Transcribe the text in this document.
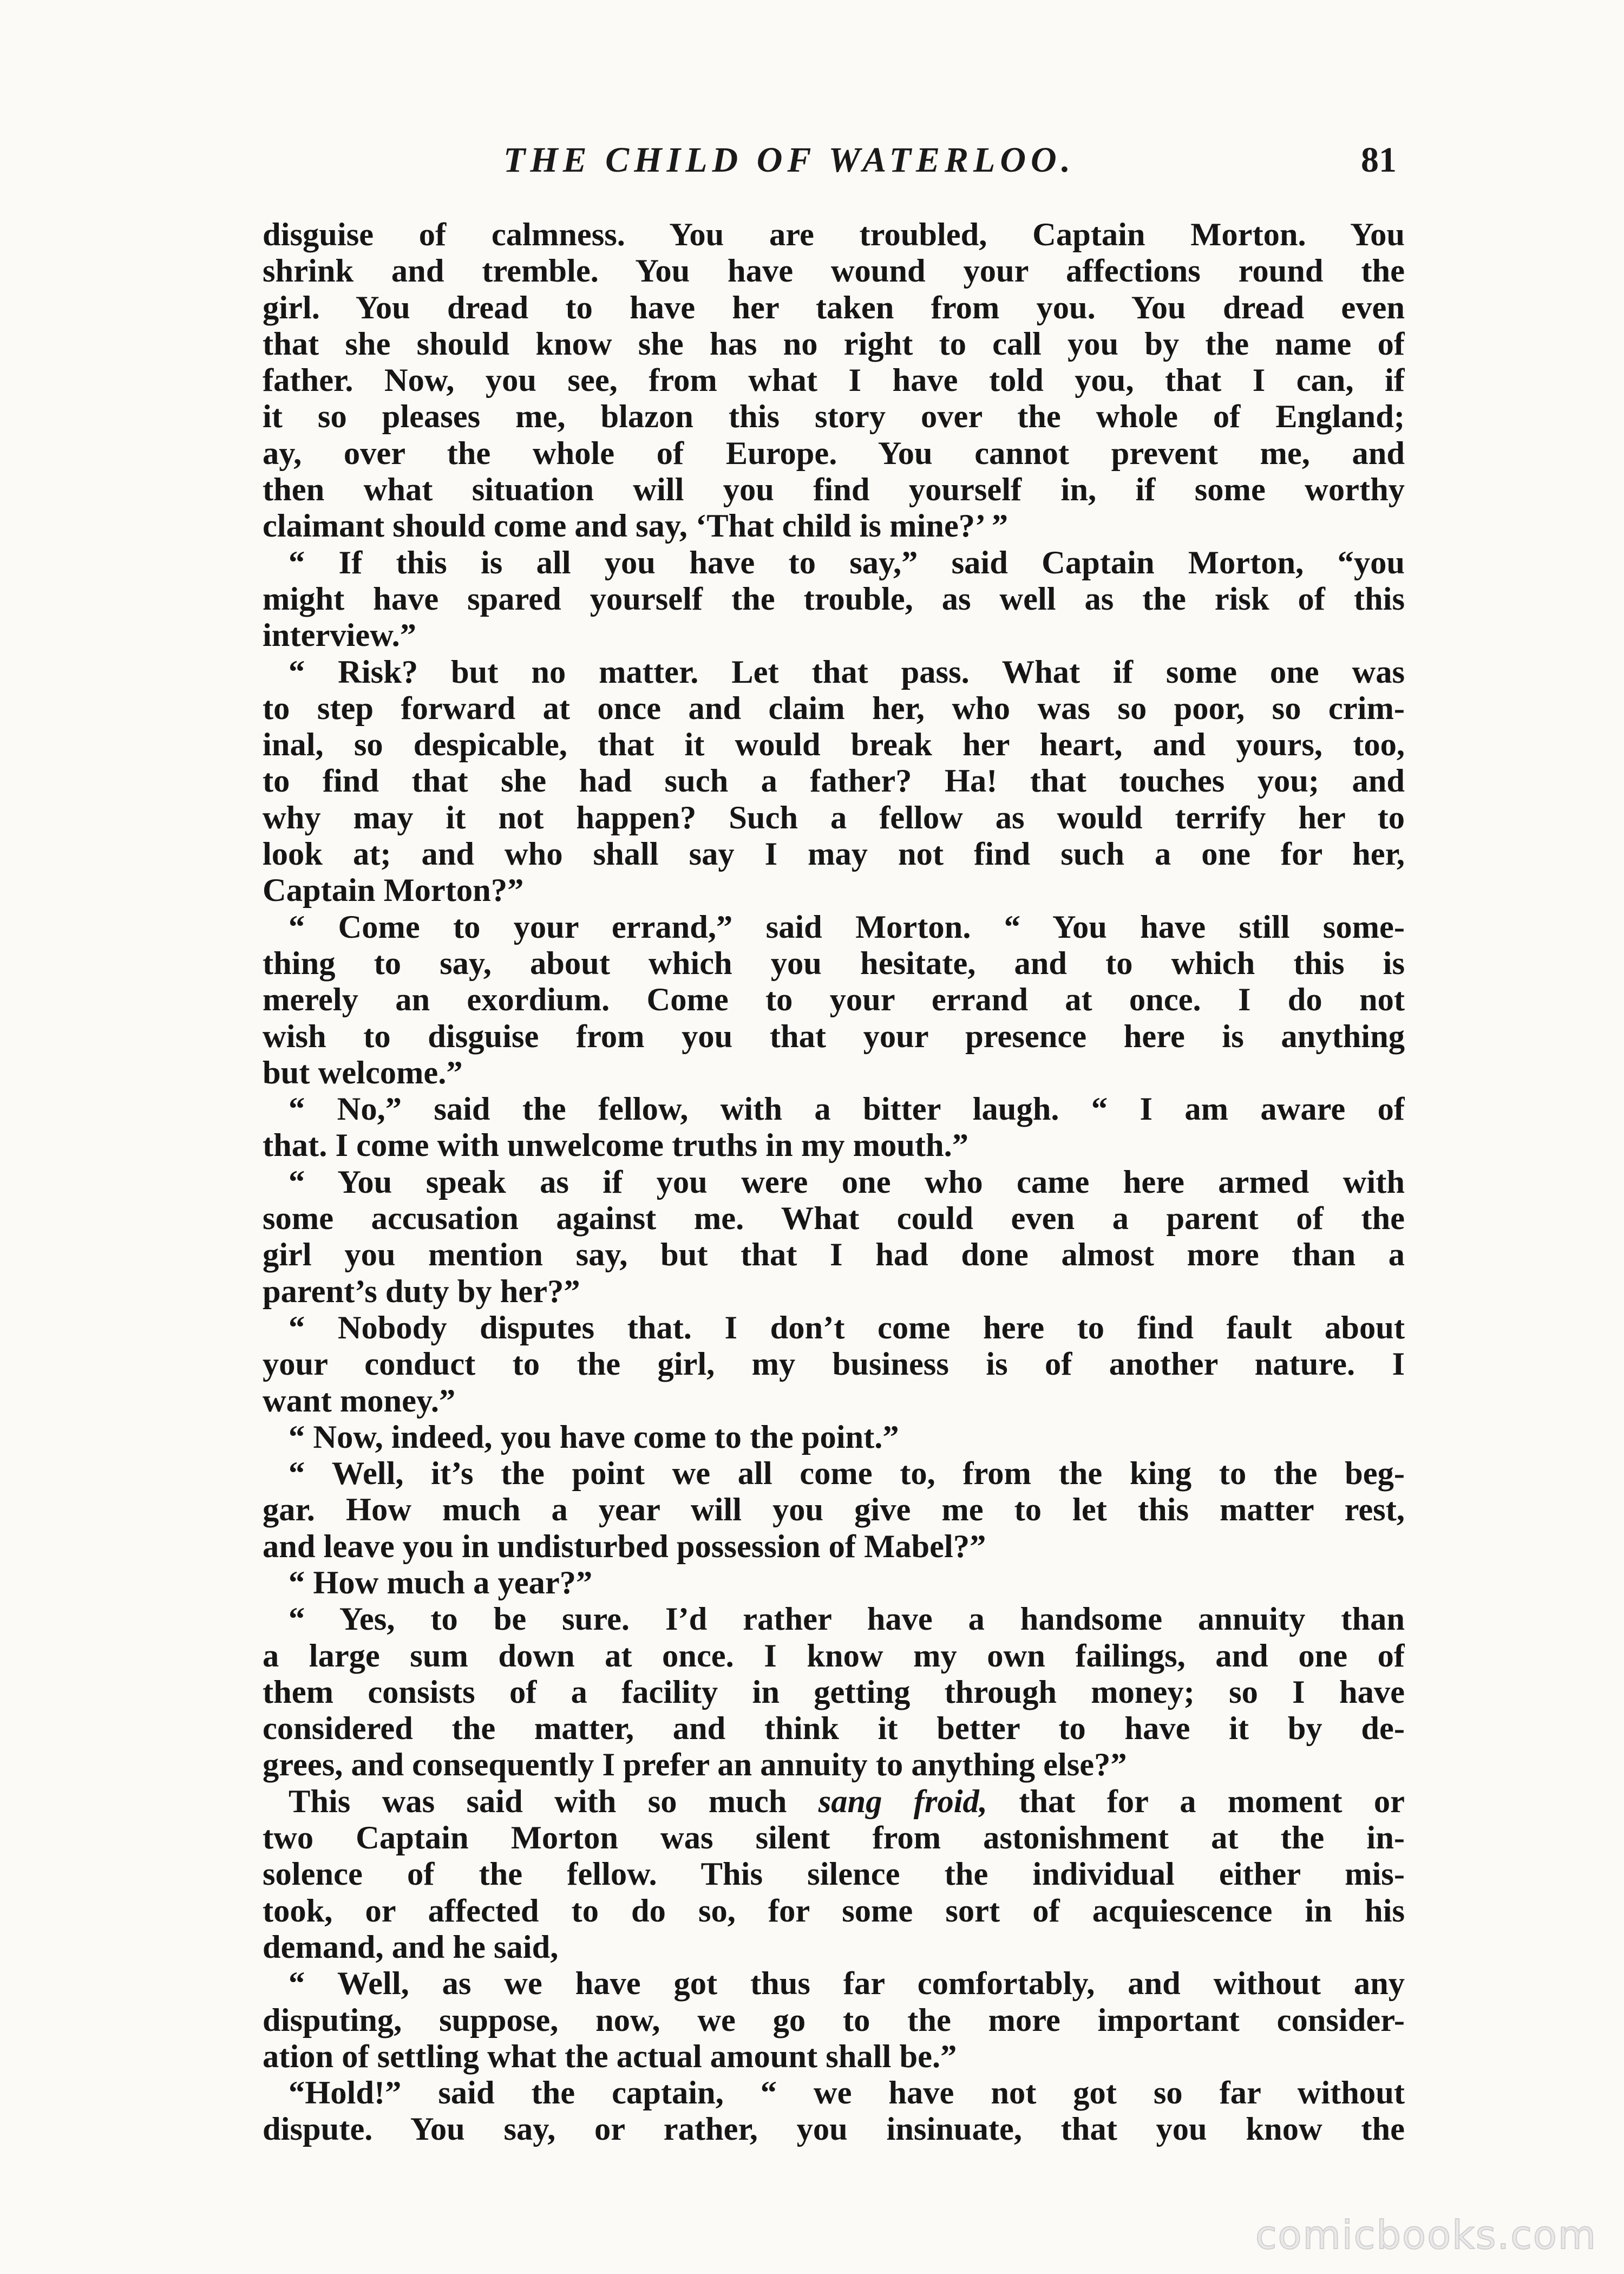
THE CHILD OF WATERLOO.	81
disguise of calmness. You are troubled, Captain Morton. You
shrink and tremble. You have wound your affections round the
girl. You dread to have her taken from you. You dread even
that she should know she has no right to call you by the name of
father. Now, you see, from what I have told you, that I can, if
it so pleases me, blazon this story over the whole of England;
ay, over the whole of Europe. You cannot prevent me, and
then what situation will you find yourself in, if some worthy
claimant should come and say, ‘That child is mine?’ ”
“ If this is all you have to say,” said Captain Morton, “you
might have spared yourself the trouble, as well as the risk of this
interview.”
“ Risk? but no matter. Let that pass. What if some one was
to step forward at once and claim her, who was so poor, so crim-
inal, so despicable, that it would break her heart, and yours, too,
to find that she had such a father? Ha! that touches you; and
why may it not happen? Such a fellow as would terrify her to
look at; and who shall say I may not find such a one for her,
Captain Morton?”
“ Come to your errand,” said Morton. “ You have still some-
thing to say, about which you hesitate, and to which this is
merely an exordium. Come to your errand at once. I do not
wish to disguise from you that your presence here is anything
but welcome.”
“ No,” said the fellow, with a bitter laugh. “ I am aware of
that. I come with unwelcome truths in my mouth.”
“ You speak as if you were one who came here armed with
some accusation against me. What could even a parent of the
girl you mention say, but that I had done almost more than a
parent’s duty by her?”
“ Nobody disputes that. I don’t come here to find fault about
your conduct to the girl, my business is of another nature. I
want money.”
“ Now, indeed, you have come to the point.”
“ Well, it’s the point we all come to, from the king to the beg-
gar. How much a year will you give me to let this matter rest,
and leave you in undisturbed possession of Mabel?”
“ How much a year?”
“ Yes, to be sure. I’d rather have a handsome annuity than
a large sum down at once. I know my own failings, and one of
them consists of a facility in getting through money; so I have
considered the matter, and think it better to have it by de-
grees, and consequently I prefer an annuity to anything else?”
This was said with so much sang froid, that for a moment or
two Captain Morton was silent from astonishment at the in-
solence of the fellow. This silence the individual either mis-
took, or affected to do so, for some sort of acquiescence in his
demand, and he said,
“ Well, as we have got thus far comfortably, and without any
disputing, suppose, now, we go to the more important consider-
ation of settling what the actual amount shall be.”
“Hold!” said the captain, “ we have not got so far without
dispute. You say, or rather, you insinuate, that you know the
comicbooks.com
